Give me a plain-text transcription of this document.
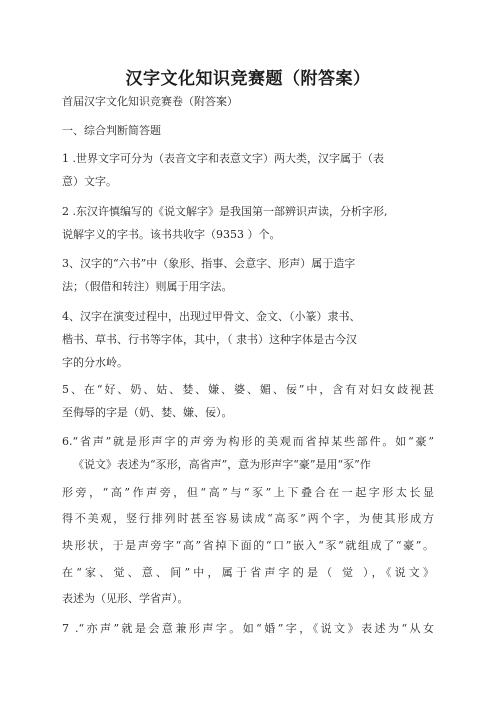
汉字文化知识竞赛题（附答案）
首届汉字文化知识竞赛卷（附答案）
一、综合判断简答题
1 .世界文字可分为（表音文字和表意文字）两大类，汉字属于（表
意）文字。
2 .东汉许慎编写的《说文解字》是我国第一部辨识声读，分析字形,
说解字义的字书。该书共收字（9353 ）个。
3、汉字的“六书”中（象形、指事、会意字、形声）属于造字
法；（假借和转注）则属于用字法。
4、汉字在演变过程中，出现过甲骨文、金文、（小篆）隶书、
楷书、草书、行书等字体，其中，（ 隶书）这种字体是古今汉
字的分水岭。
5、在“好、奶、姑、婪、嫌、婆、媚、佞”中，含有对妇女歧视甚
至侮辱的字是（奶、婪、嫌、佞）。
6.“省声”就是形声字的声旁为构形的美观而省掉某些部件。如“豪”
《说文》表述为“豕形，高省声”，意为形声字“豪”是用“豕”作
形旁，“高”作声旁，但“高”与“豕”上下叠合在一起字形太长显
得不美观，竖行排列时甚至容易读成“高豕”两个字，为使其形成方
块形状，于是声旁字“高”省掉下面的“口”嵌入“豕”就组成了“豪”。
在“家、觉、意、间”中，属于省声字的是（ 觉 ），《说文》
表述为（见形、学省声）。
7 .“亦声”就是会意兼形声字。如“婚”字，《说文》表述为“从女
